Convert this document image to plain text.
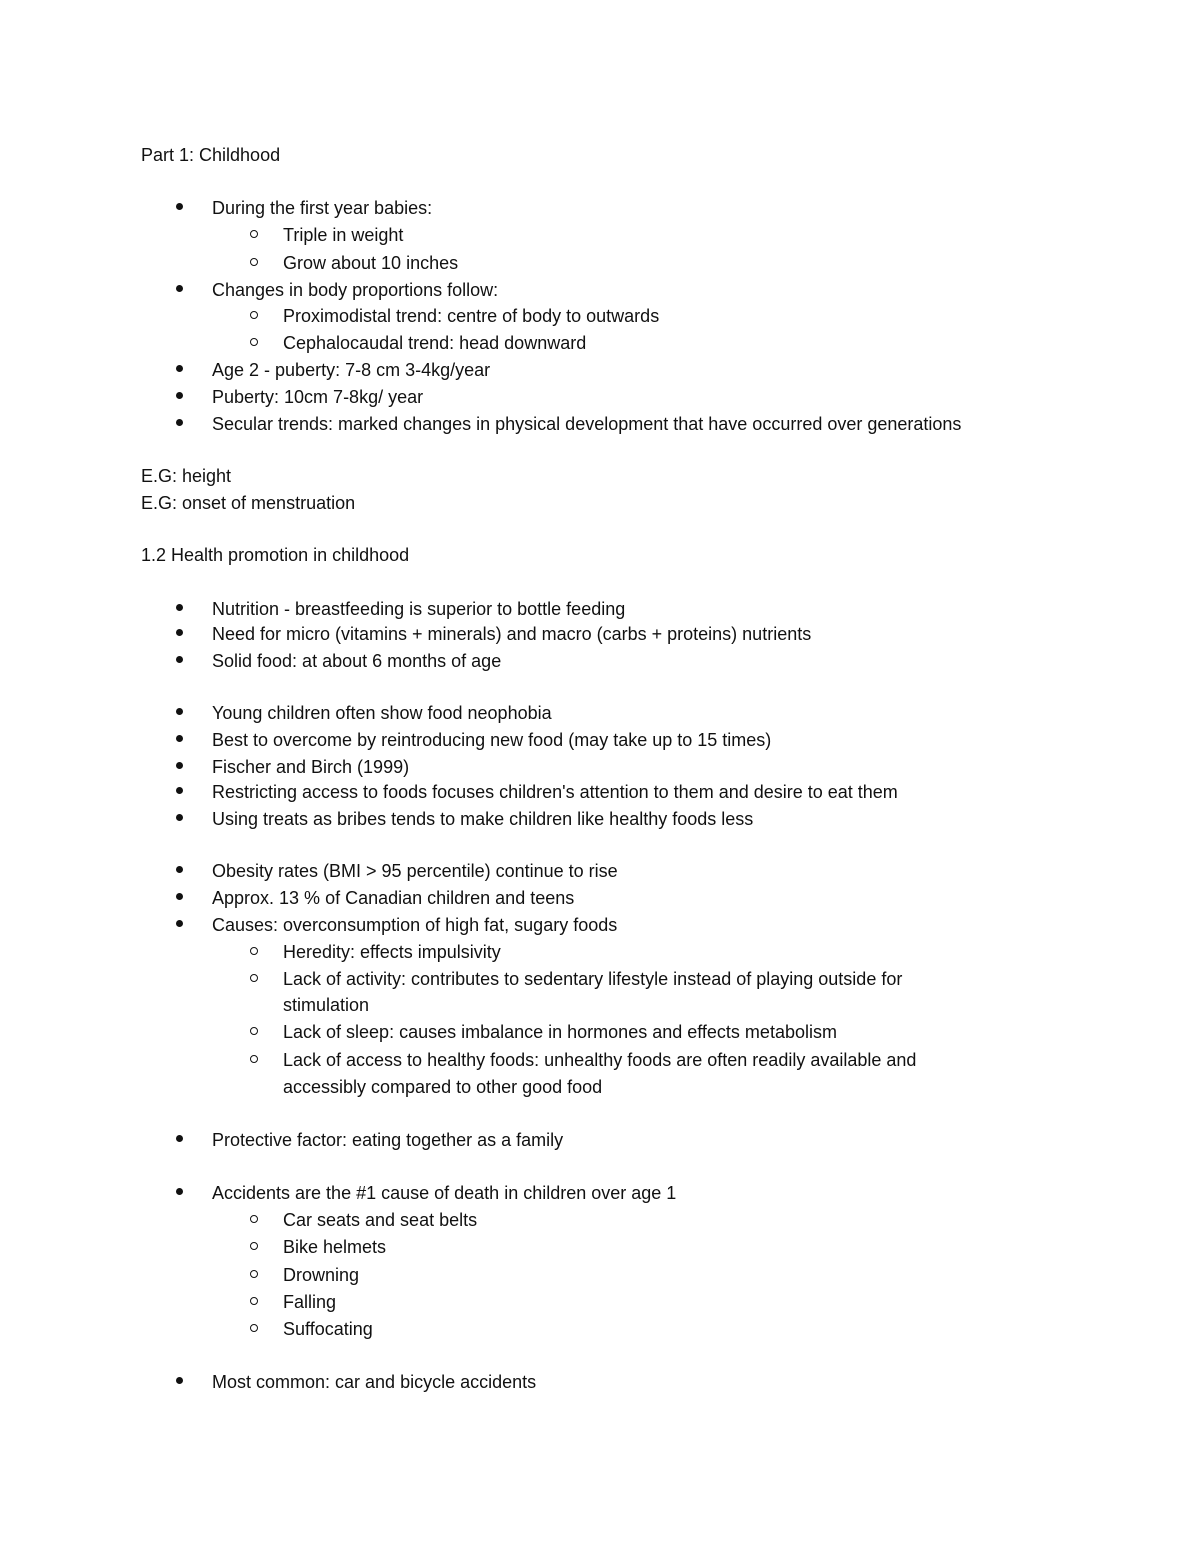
Part 1: Childhood
During the first year babies:
Triple in weight
Grow about 10 inches
Changes in body proportions follow:
Proximodistal trend: centre of body to outwards
Cephalocaudal trend: head downward
Age 2 - puberty: 7-8 cm 3-4kg/year
Puberty: 10cm 7-8kg/ year
Secular trends: marked changes in physical development that have occurred over generations
E.G: height
E.G: onset of menstruation
1.2 Health promotion in childhood
Nutrition - breastfeeding is superior to bottle feeding
Need for micro (vitamins + minerals) and macro (carbs + proteins) nutrients
Solid food: at about 6 months of age
Young children often show food neophobia
Best to overcome by reintroducing new food (may take up to 15 times)
Fischer and Birch (1999)
Restricting access to foods focuses children's attention to them and desire to eat them
Using treats as bribes tends to make children like healthy foods less
Obesity rates (BMI > 95 percentile) continue to rise
Approx. 13 % of Canadian children and teens
Causes: overconsumption of high fat, sugary foods
Heredity: effects impulsivity
Lack of activity: contributes to sedentary lifestyle instead of playing outside for
stimulation
Lack of sleep: causes imbalance in hormones and effects metabolism
Lack of access to healthy foods: unhealthy foods are often readily available and
accessibly compared to other good food
Protective factor: eating together as a family
Accidents are the #1 cause of death in children over age 1
Car seats and seat belts
Bike helmets
Drowning
Falling
Suffocating
Most common: car and bicycle accidents
